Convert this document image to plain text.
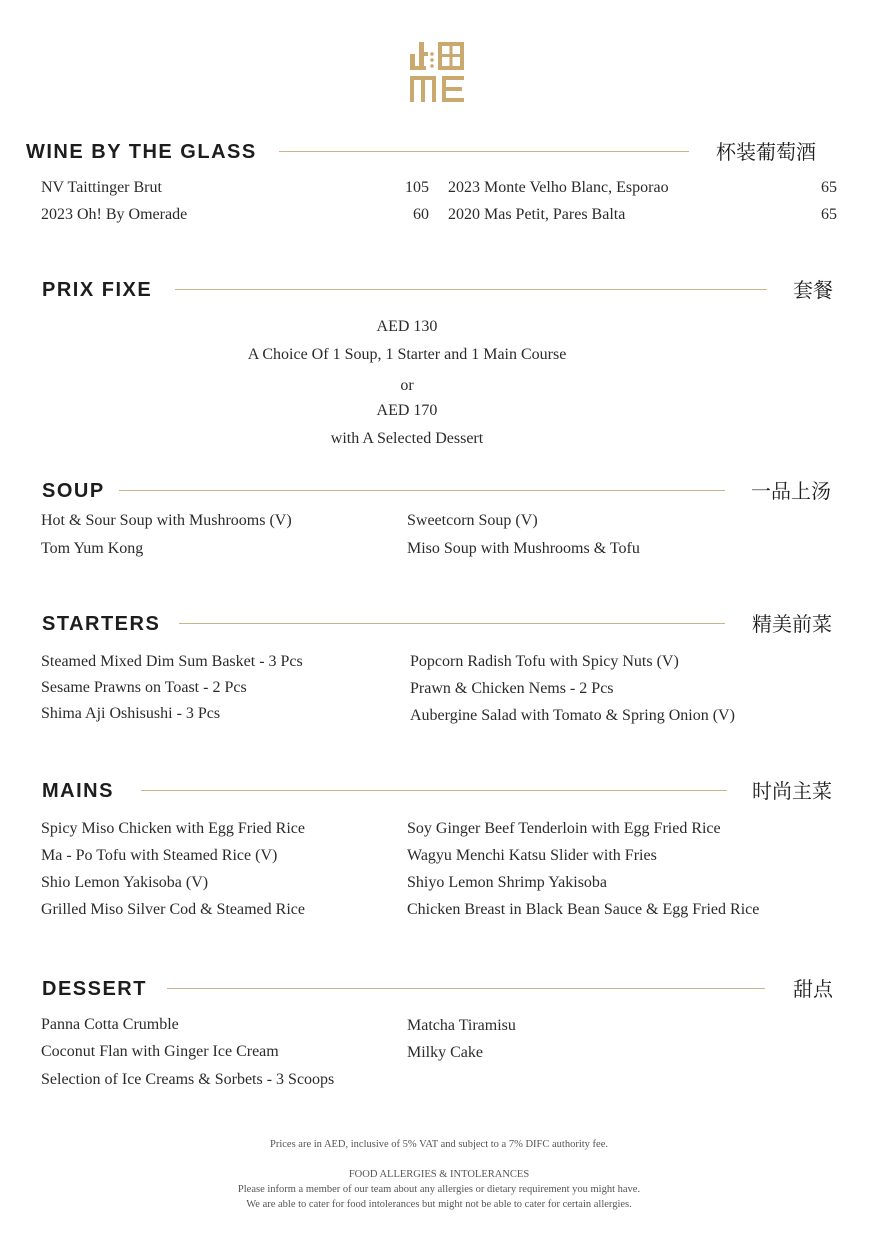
WINE BY THE GLASS	杯装葡萄酒
NV Taittinger Brut	105
2023 Oh! By Omerade	60
2023 Monte Velho Blanc, Esporao	65
2020 Mas Petit, Pares Balta	65
PRIX FIXE	套餐
AED 130
A Choice Of 1 Soup, 1 Starter and 1 Main Course
or
AED 170
with A Selected Dessert
SOUP	一品上汤
Hot & Sour Soup with Mushrooms (V)
Tom Yum Kong
Sweetcorn Soup (V)
Miso Soup with Mushrooms & Tofu
STARTERS	精美前菜
Steamed Mixed Dim Sum Basket - 3 Pcs
Sesame Prawns on Toast - 2 Pcs
Shima Aji Oshisushi - 3 Pcs
Popcorn Radish Tofu with Spicy Nuts (V)
Prawn & Chicken Nems - 2 Pcs
Aubergine Salad with Tomato & Spring Onion (V)
MAINS	时尚主菜
Spicy Miso Chicken with Egg Fried Rice
Ma - Po Tofu with Steamed Rice (V)
Shio Lemon Yakisoba (V)
Grilled Miso Silver Cod & Steamed Rice
Soy Ginger Beef Tenderloin with Egg Fried Rice
Wagyu Menchi Katsu Slider with Fries
Shiyo Lemon Shrimp Yakisoba
Chicken Breast in Black Bean Sauce & Egg Fried Rice
DESSERT	甜点
Panna Cotta Crumble
Coconut Flan with Ginger Ice Cream
Selection of Ice Creams & Sorbets - 3 Scoops
Matcha Tiramisu
Milky Cake
Prices are in AED, inclusive of 5% VAT and subject to a 7% DIFC authority fee.
FOOD ALLERGIES & INTOLERANCES
Please inform a member of our team about any allergies or dietary requirement you might have.
We are able to cater for food intolerances but might not be able to cater for certain allergies.
